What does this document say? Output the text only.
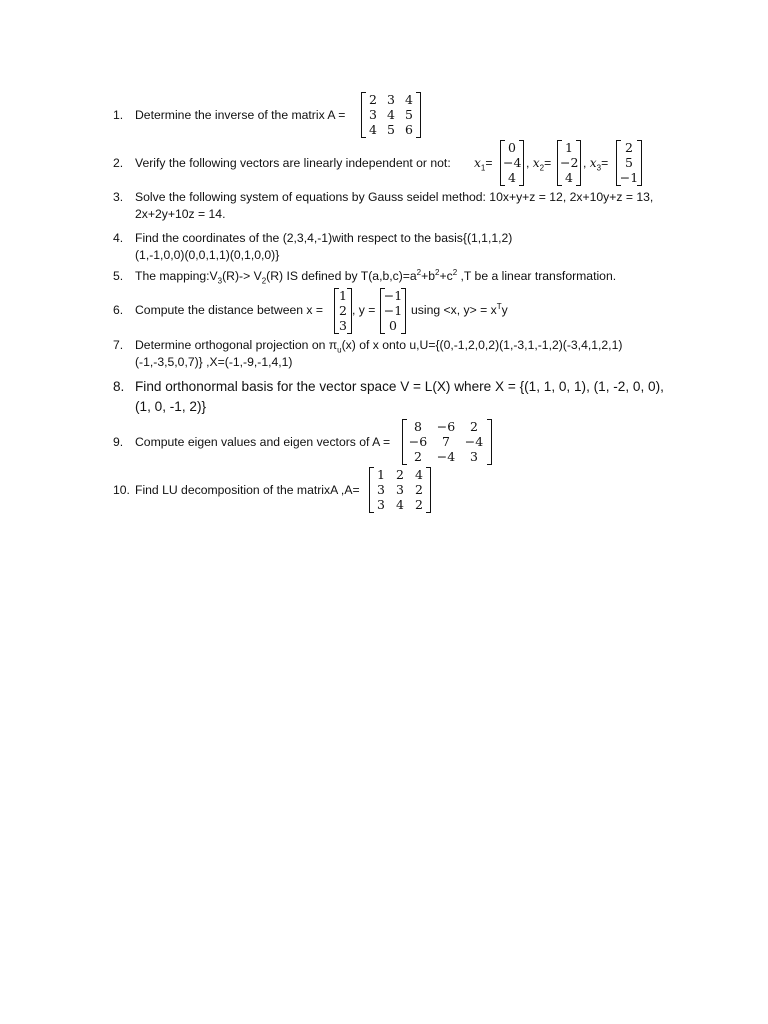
1. Determine the inverse of the matrix A =
2 3 4
3 4 5
4 5 6
2. Verify the following vectors are linearly independent or not:	$x_1=$
0
−4
4
, $x_2=$
1
−2
4
, $x_3=$
2
5
−1
3. Solve the following system of equations by Gauss seidel method: 10x+y+z = 12, 2x+10y+z = 13, 2x+2y+10z = 14.
4. Find the coordinates of the (2,3,4,-1)with respect to the basis{(1,1,1,2)(1,-1,0,0)(0,0,1,1)(0,1,0,0)}
5. The $mapping:V_3(R)-> V_2(R)$ IS defined by $T(a,b,c)=a^2+b^2+c^2$ ,T be a linear transformation.
6. Compute the distance between x =
1
2
3
, y =
−1
−1
0
using <x, $y> = x^Ty$
7. Determine orthogonal projection on $\pi_u(x)$ of x onto u,U={(0,-1,2,0,2)(1,-3,1,-1,2)(-3,4,1,2,1)(-1,-3,5,0,7)} ,X=(-1,-9,-1,4,1)
8. Find orthonormal basis for the vector space V = L(X) where X = {(1, 1, 0, 1), (1, -2, 0, 0), (1, 0, -1, 2)}
9. Compute eigen values and eigen vectors of A =
8	−6	2
−6	7	−4
2	−4	3
10. Find LU decomposition of the matrixA ,A=
1 2 4
3 3 2
3 4 2
